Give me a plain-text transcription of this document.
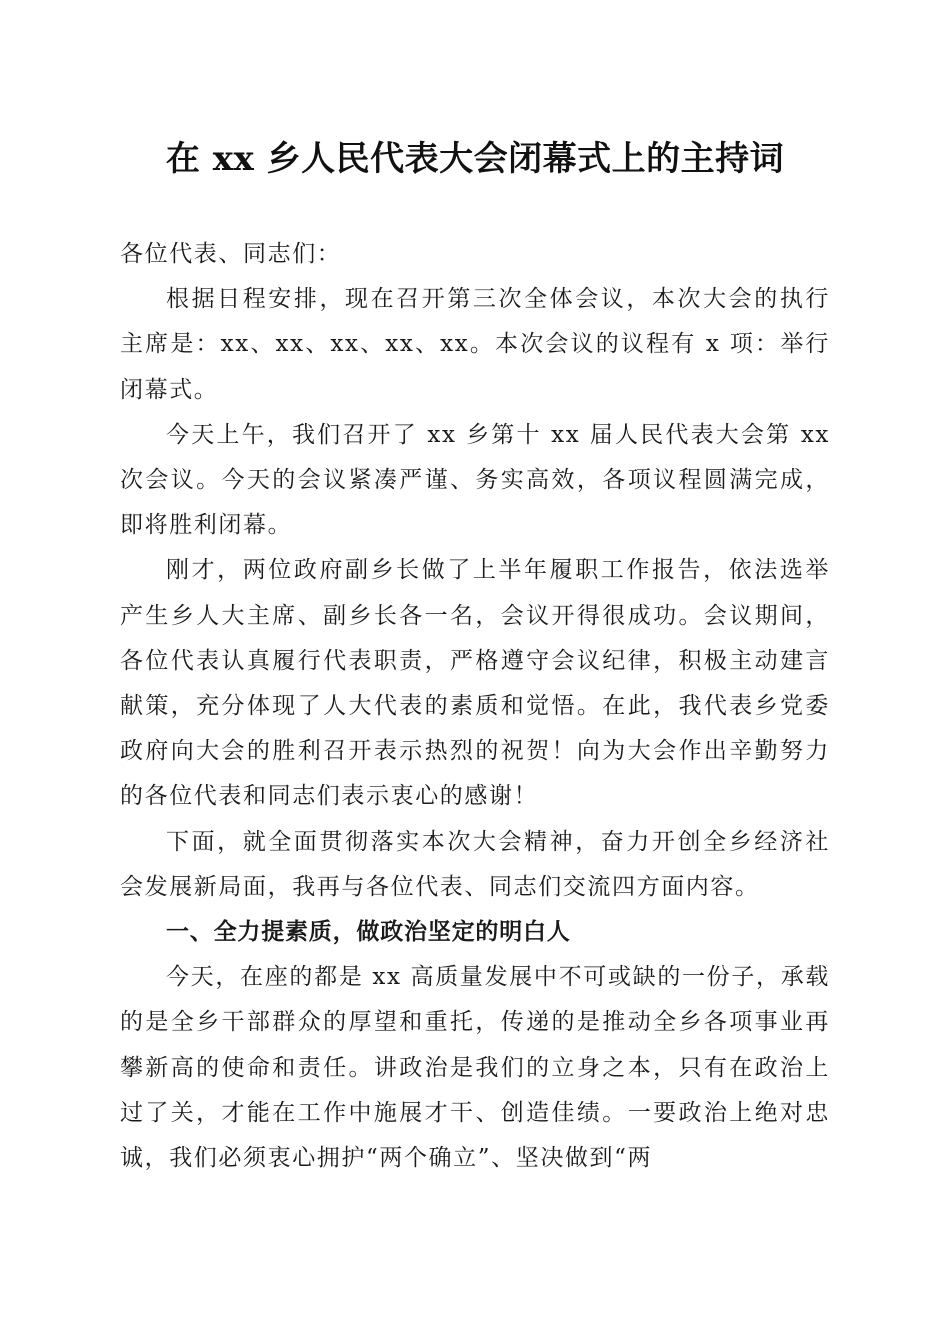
在 xx 乡人民代表大会闭幕式上的主持词

各位代表、同志们：

根据日程安排，现在召开第三次全体会议，本次大会的执行主席是：xx、xx、xx、xx、xx。本次会议的议程有 x 项：举行闭幕式。

今天上午，我们召开了 xx 乡第十 xx 届人民代表大会第 xx 次会议。今天的会议紧凑严谨、务实高效，各项议程圆满完成，即将胜利闭幕。

刚才，两位政府副乡长做了上半年履职工作报告，依法选举产生乡人大主席、副乡长各一名，会议开得很成功。会议期间，各位代表认真履行代表职责，严格遵守会议纪律，积极主动建言献策，充分体现了人大代表的素质和觉悟。在此，我代表乡党委政府向大会的胜利召开表示热烈的祝贺！向为大会作出辛勤努力的各位代表和同志们表示衷心的感谢！

下面，就全面贯彻落实本次大会精神，奋力开创全乡经济社会发展新局面，我再与各位代表、同志们交流四方面内容。

一、全力提素质，做政治坚定的明白人

今天，在座的都是 xx 高质量发展中不可或缺的一份子，承载的是全乡干部群众的厚望和重托，传递的是推动全乡各项事业再攀新高的使命和责任。讲政治是我们的立身之本，只有在政治上过了关，才能在工作中施展才干、创造佳绩。一要政治上绝对忠诚，我们必须衷心拥护“两个确立”、坚决做到“两
